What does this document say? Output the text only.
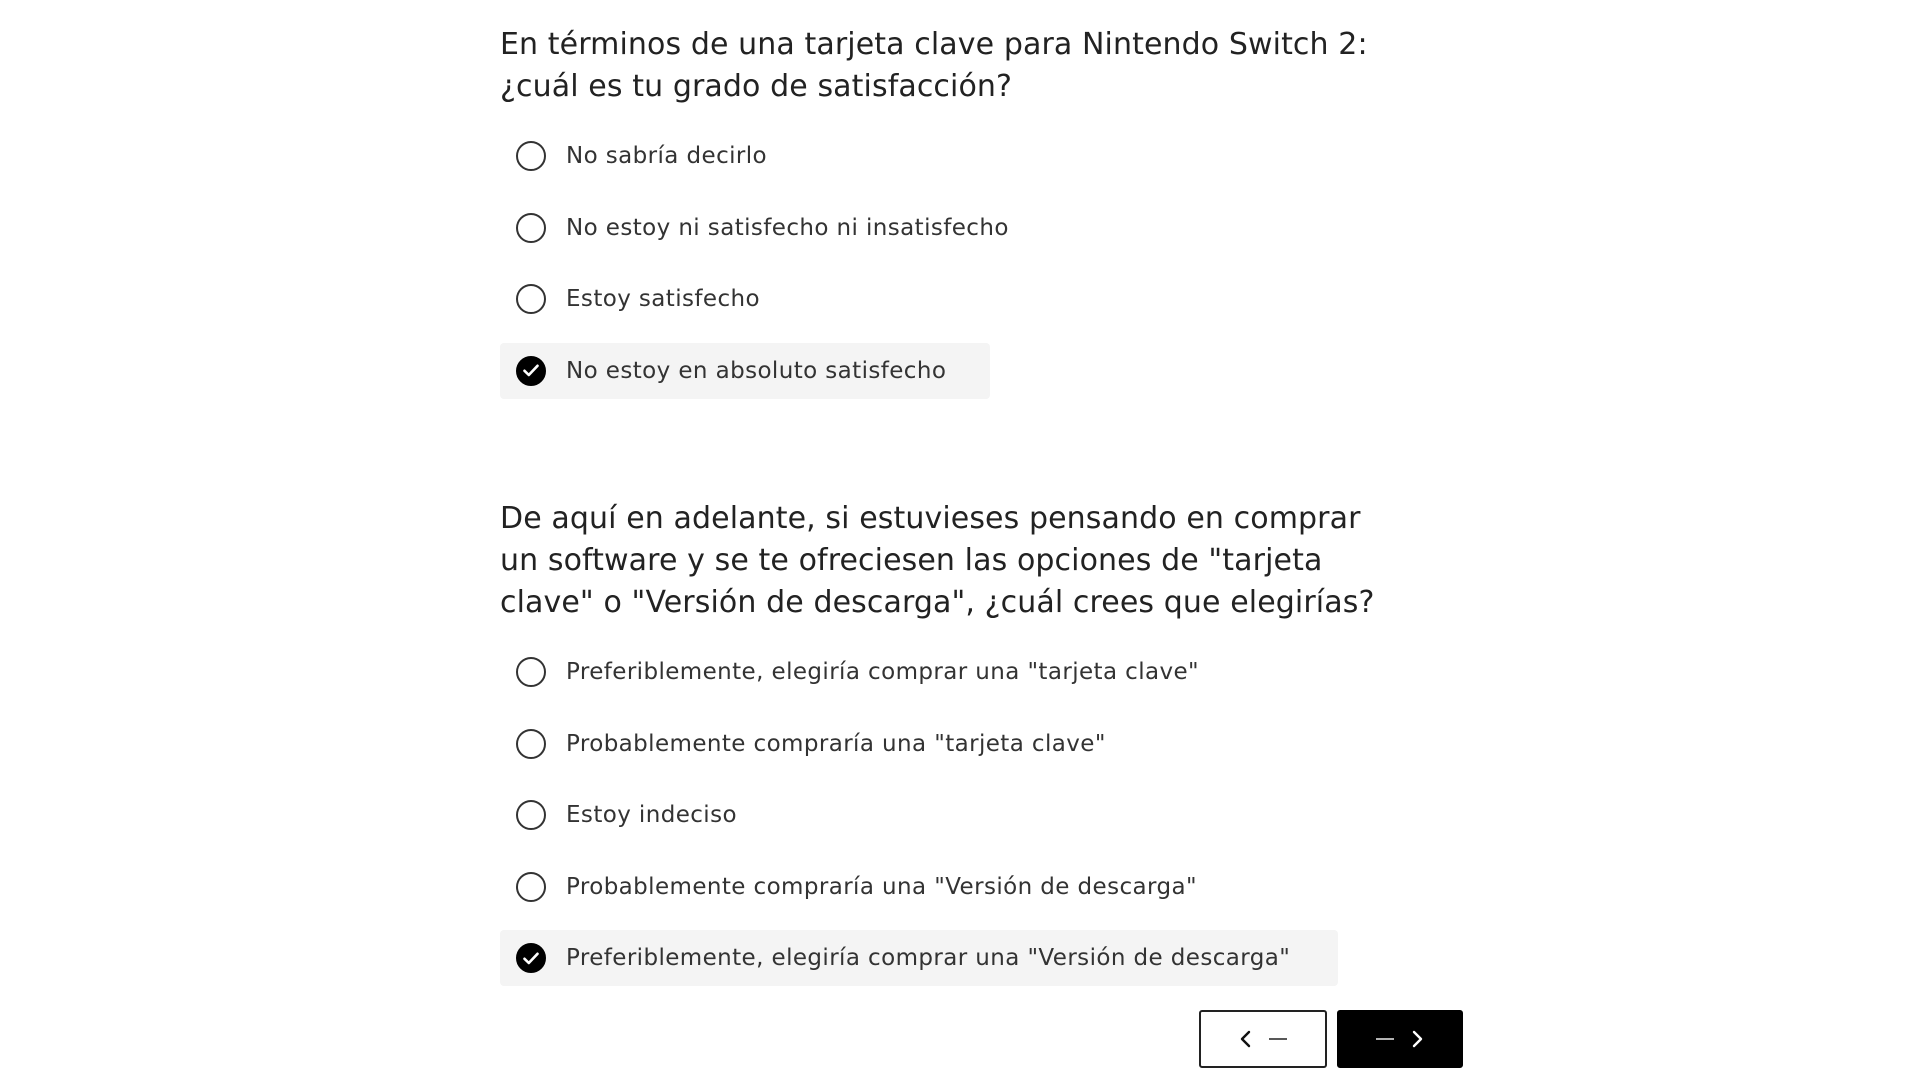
En términos de una tarjeta clave para Nintendo Switch 2: ¿cuál es tu grado de satisfacción?
No sabría decirlo
No estoy ni satisfecho ni insatisfecho
Estoy satisfecho
No estoy en absoluto satisfecho
De aquí en adelante, si estuvieses pensando en comprar un software y se te ofreciesen las opciones de "tarjeta clave" o "Versión de descarga", ¿cuál crees que elegirías?
Preferiblemente, elegiría comprar una "tarjeta clave"
Probablemente compraría una "tarjeta clave"
Estoy indeciso
Probablemente compraría una "Versión de descarga"
Preferiblemente, elegiría comprar una "Versión de descarga"
